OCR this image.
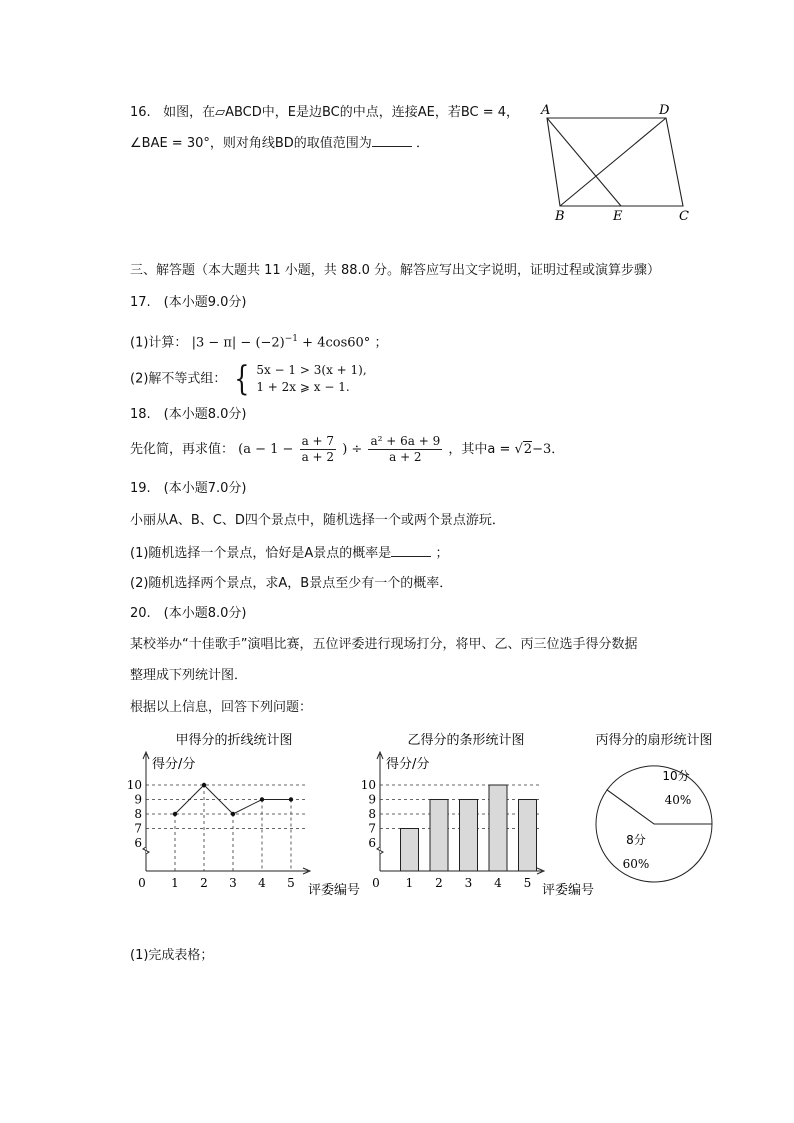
16. 如图，在▱ABCD中，E是边BC的中点，连接AE，若BC = 4，
∠BAE = 30°，则对角线BD的取值范围为	．
A	D
B	E	C
三、解答题（本大题共 11 小题，共 88.0 分。解答应写出文字说明，证明过程或演算步骤）
17.　(本小题9.0分)
(1)计算： $|3 - \pi| - (-2)^{-1} + 4\cos 60^\circ$ ；
(2)解不等式组： { 5x − 1 > 3(x + 1),
1 + 2x ⩾ x − 1.
18.　(本小题8.0分)
先化简，再求值： ($a - 1 - \frac{a + 7}{a + 2}$ ) ÷ $\frac{\text{a² + 6a + 9}}{a + 2}$ ，其中a = √2−3．
19.　(本小题7.0分)
小丽从A、B、C、D四个景点中，随机选择一个或两个景点游玩．
(1)随机选择一个景点，恰好是A景点的概率是	；
(2)随机选择两个景点，求A，B景点至少有一个的概率．
20.　(本小题8.0分)
某校举办“十佳歌手”演唱比赛，五位评委进行现场打分，将甲、乙、丙三位选手得分数据
整理成下列统计图．
根据以上信息，回答下列问题：
甲得分的折线统计图
得分/分
评委编号
6
7
8
9
10
0 1 2 3 4 5
乙得分的条形统计图
得分/分
评委编号
6
7
8
9
10
0 1 2 3 4 5
丙得分的扇形统计图
10分
40%
8分
60%
(1)完成表格；
